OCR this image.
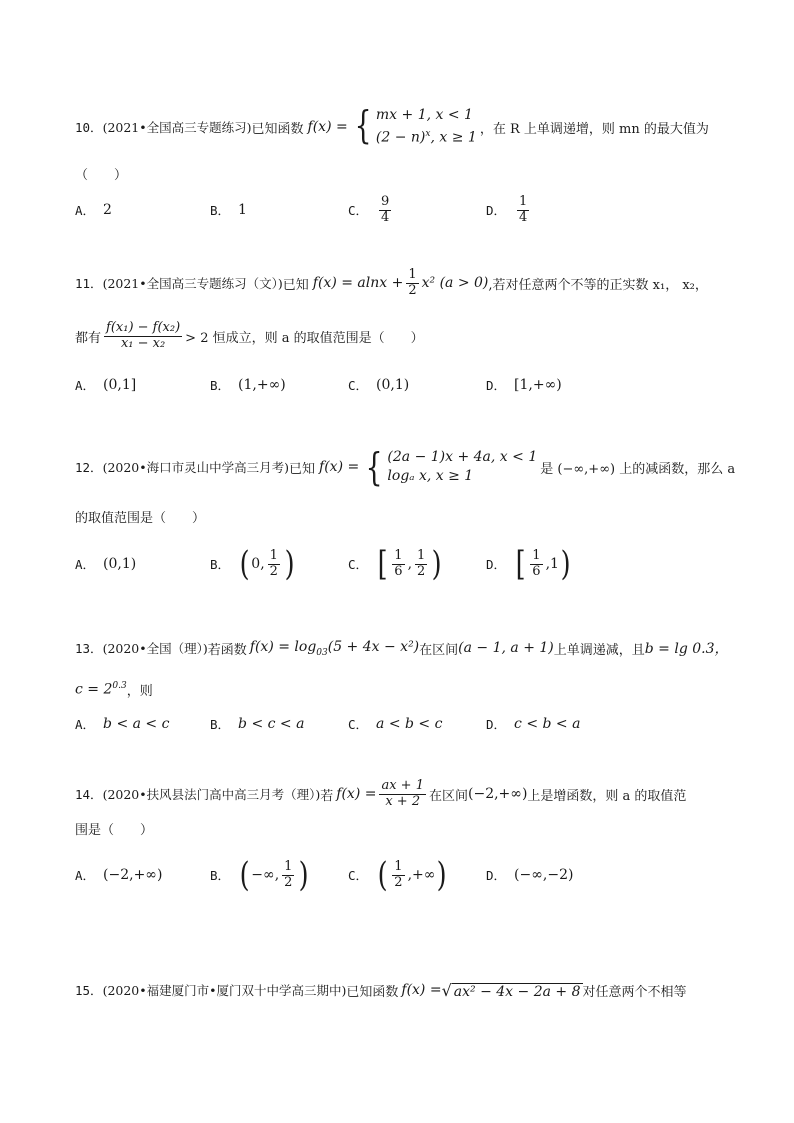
10． (2021•全国高三专题练习) 已知函数 f(x) = { mx + 1, x < 1
$(2 - n)^x$, x ≥ 1
，在 R 上单调递增，则 mn 的最大值为
（　　）
A． 2	B． 1	C． $\frac{9}{4}$	D． $\frac{1}{4}$
11． (2021•全国高三专题练习（文）) 已知 $f(x) = alnx + \frac{1}{2} x^2$ (a > 0) ,若对任意两个不等的正实数 x₁， x₂，
都有 $\frac{\text{f(x₁) − f(x₂)}}{\text{x₁ − x₂}} > 2$ 恒成立，则 a 的取值范围是（　　）
A． (0,1]	B． (1,+∞)	C． (0,1)	D． [1,+∞)
12． (2020•海口市灵山中学高三月考) 已知 f(x) = { (2a − 1)x + 4a, x < 1
logₐ x, x ≥ 1	是 (−∞,+∞) 上的减函数，那么 a
的取值范围是（　　）
A． (0,1)	B． ( 0, $\frac{1}{2}$ )	C． [ $\frac{1}{6}$ , $\frac{1}{2}$ )	D． [ $\frac{1}{6} ,1$ )
13． (2020•全国（理）) 若函数 $f(x) = \log_{03}(5 + 4x - x^2)$ 在区间 (a − 1, a + 1) 上单调递减，且 b = lg 0.3，
$c = 2^{0.3}$ ，则
A． b < a < c	B． b < c < a	C． a < b < c	D． c < b < a
14． (2020•扶风县法门高中高三月考（理）) 若 $f(x) = \frac{ax + 1}{x + 2}$ 在区间 (−2,+∞) 上是增函数，则 a 的取值范
围是（　　）
A． (−2,+∞)	B． ( −∞, $\frac{1}{2}$ )	C． ( $\frac{1}{2}$ ,+∞ )	D． (−∞,−2)
15． (2020•福建厦门市•厦门双十中学高三期中) 已知函数 f(x) = √ ax² − 4x − 2a + 8 对任意两个不相等
